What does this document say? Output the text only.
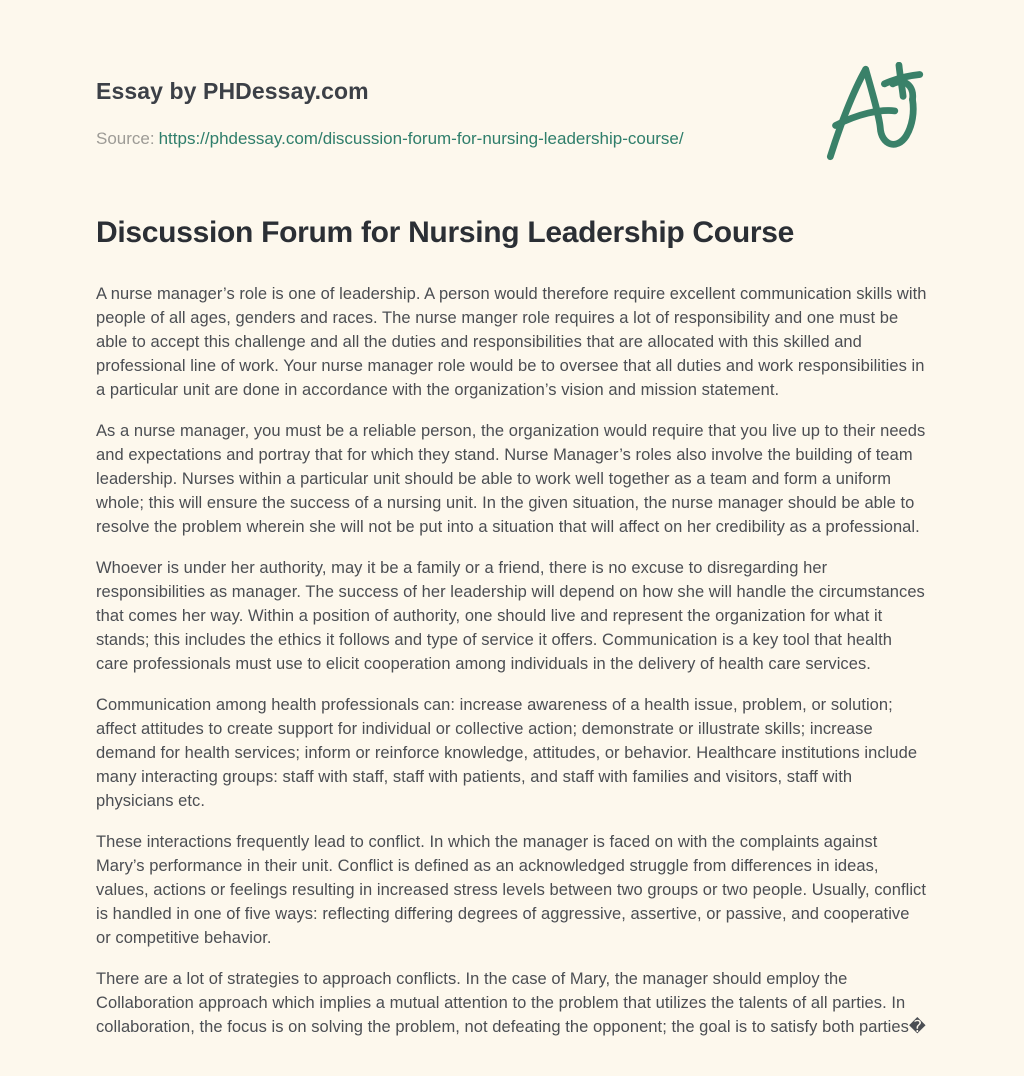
Essay by PHDessay.com
Source: https://phdessay.com/discussion-forum-for-nursing-leadership-course/
Discussion Forum for Nursing Leadership Course

A nurse manager’s role is one of leadership. A person would therefore require excellent communication skills with people of all ages, genders and races. The nurse manger role requires a lot of responsibility and one must be able to accept this challenge and all the duties and responsibilities that are allocated with this skilled and professional line of work. Your nurse manager role would be to oversee that all duties and work responsibilities in a particular unit are done in accordance with the organization’s vision and mission statement.

As a nurse manager, you must be a reliable person, the organization would require that you live up to their needs and expectations and portray that for which they stand. Nurse Manager’s roles also involve the building of team leadership. Nurses within a particular unit should be able to work well together as a team and form a uniform whole; this will ensure the success of a nursing unit. In the given situation, the nurse manager should be able to resolve the problem wherein she will not be put into a situation that will affect on her credibility as a professional.

Whoever is under her authority, may it be a family or a friend, there is no excuse to disregarding her responsibilities as manager. The success of her leadership will depend on how she will handle the circumstances that comes her way. Within a position of authority, one should live and represent the organization for what it stands; this includes the ethics it follows and type of service it offers. Communication is a key tool that health care professionals must use to elicit cooperation among individuals in the delivery of health care services.

Communication among health professionals can: increase awareness of a health issue, problem, or solution; affect attitudes to create support for individual or collective action; demonstrate or illustrate skills; increase demand for health services; inform or reinforce knowledge, attitudes, or behavior. Healthcare institutions include many interacting groups: staff with staff, staff with patients, and staff with families and visitors, staff with physicians etc.

These interactions frequently lead to conflict. In which the manager is faced on with the complaints against Mary’s performance in their unit. Conflict is defined as an acknowledged struggle from differences in ideas, values, actions or feelings resulting in increased stress levels between two groups or two people. Usually, conflict is handled in one of five ways: reflecting differing degrees of aggressive, assertive, or passive, and cooperative or competitive behavior.

There are a lot of strategies to approach conflicts. In the case of Mary, the manager should employ the Collaboration approach which implies a mutual attention to the problem that utilizes the talents of all parties. In collaboration, the focus is on solving the problem, not defeating the opponent; the goal is to satisfy both parties�
